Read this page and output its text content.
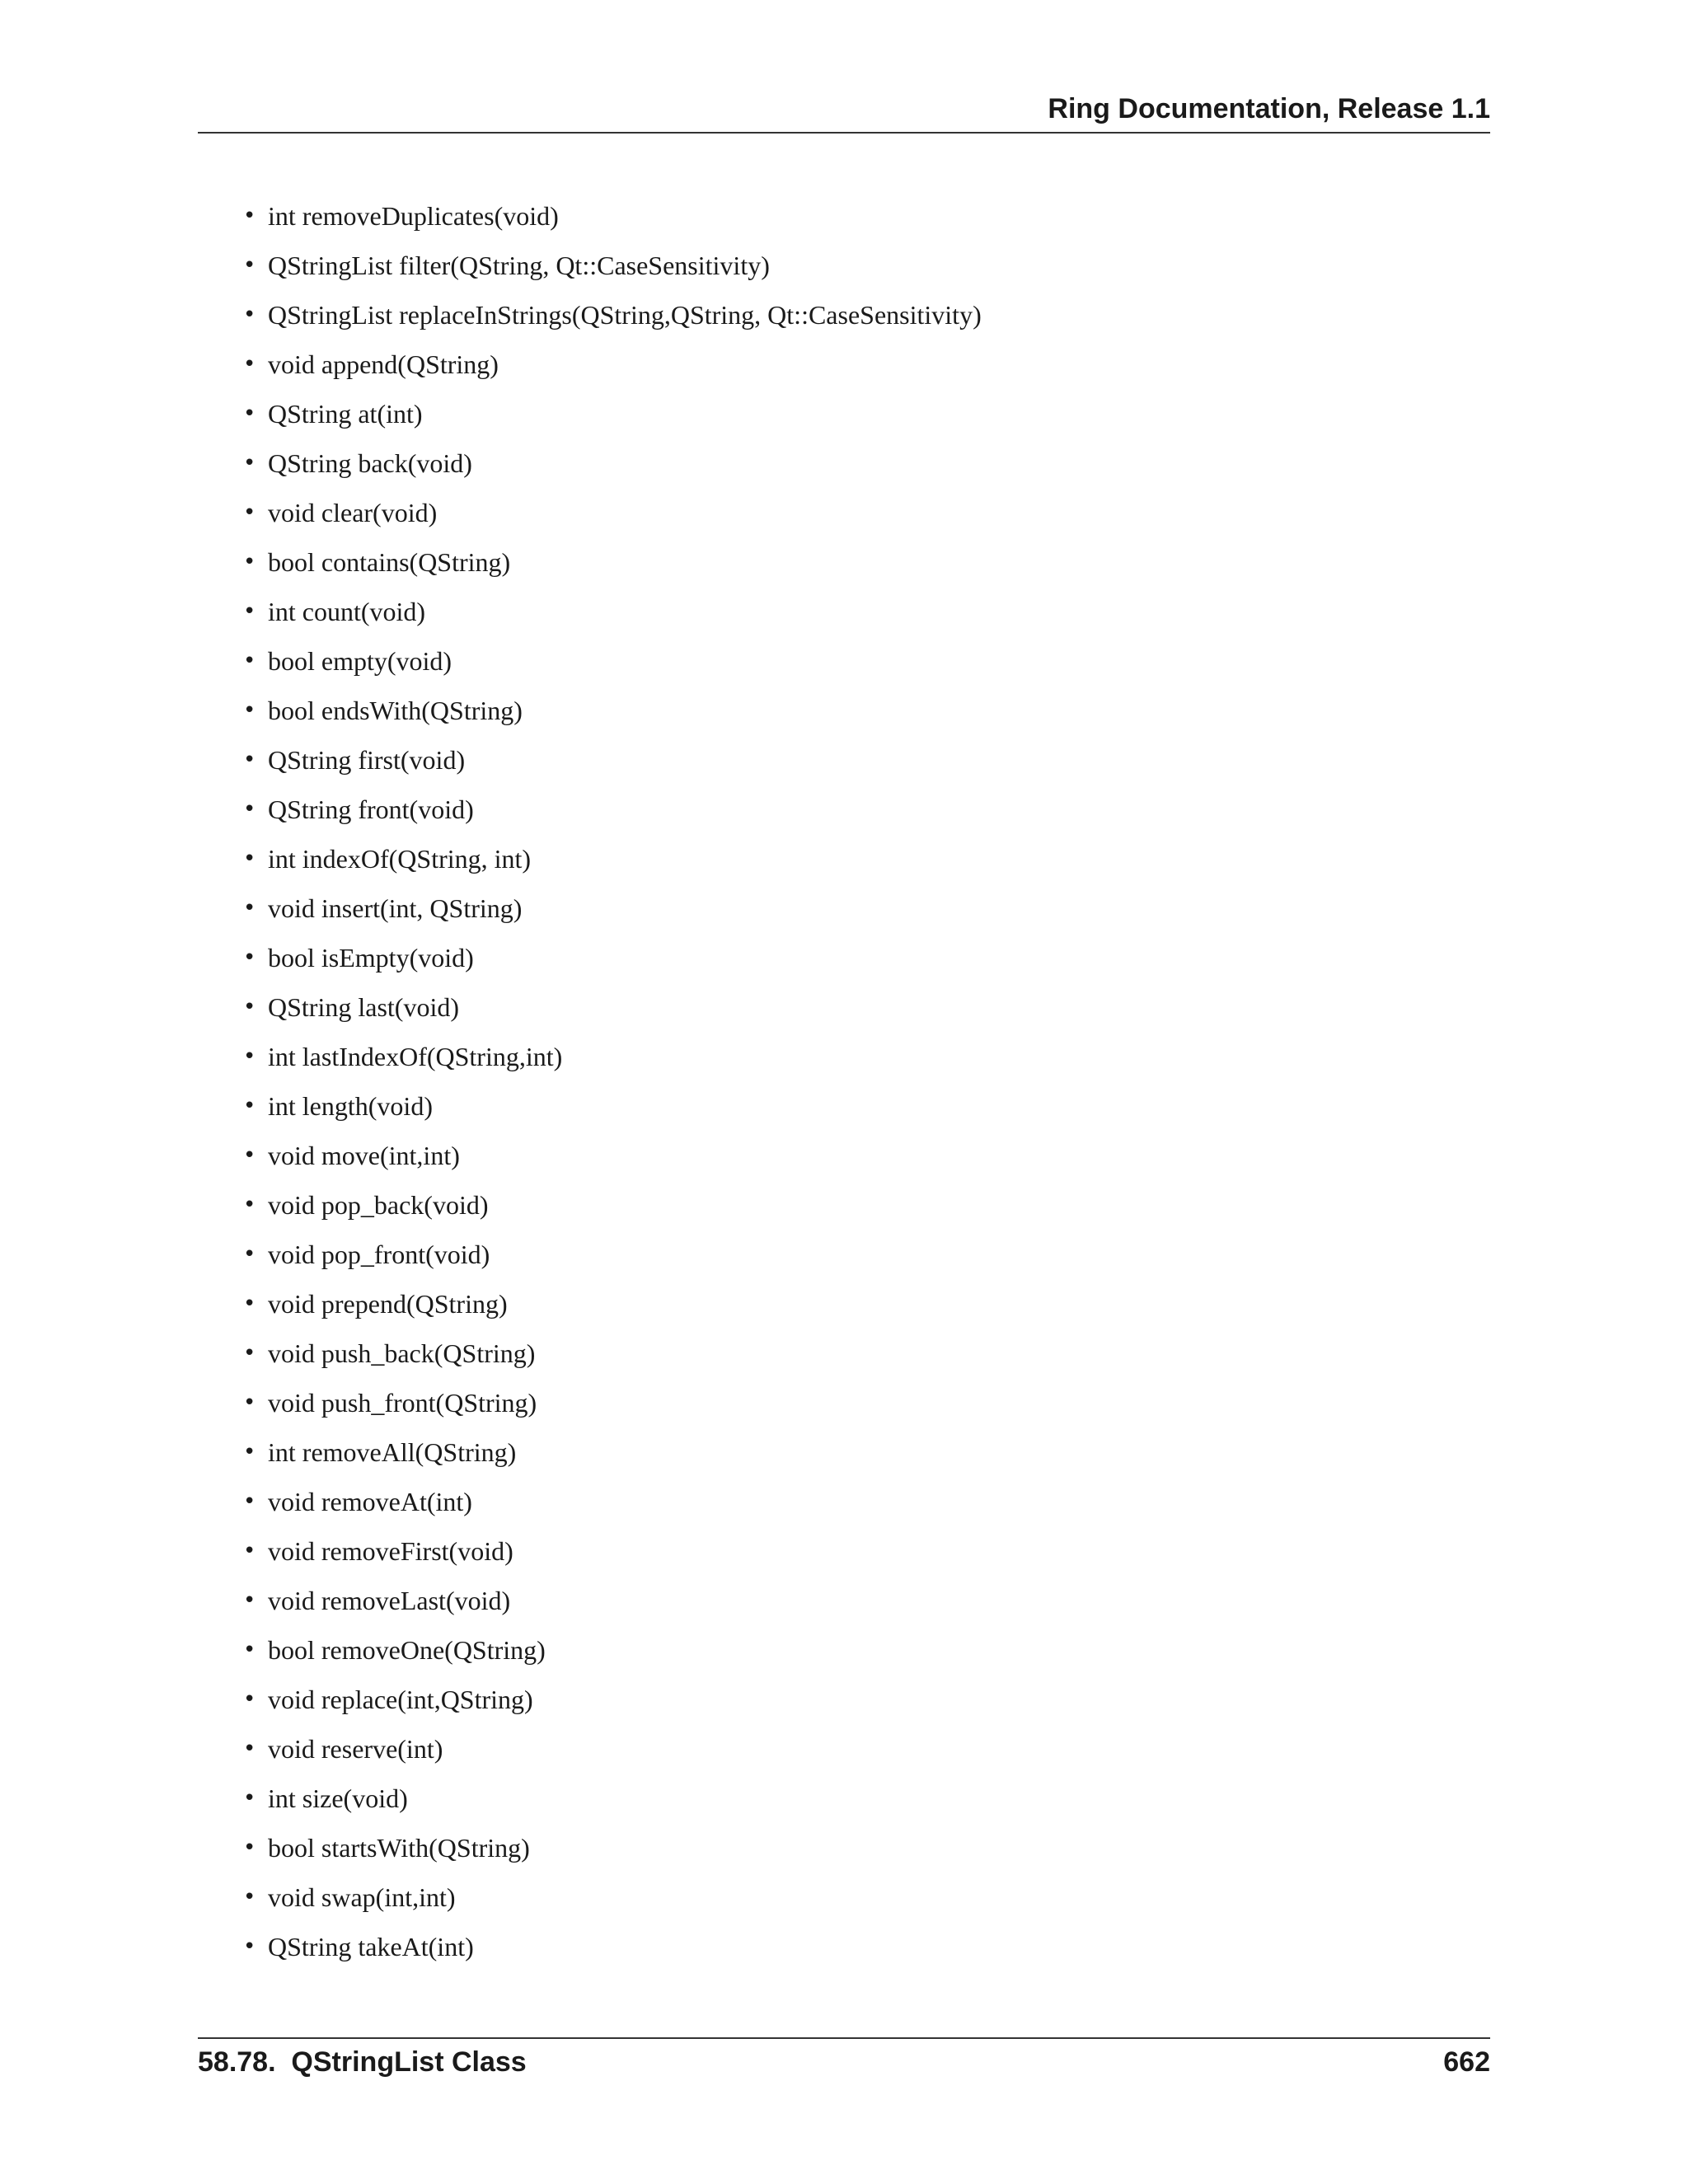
Ring Documentation, Release 1.1
• int removeDuplicates(void)
• QStringList filter(QString, Qt::CaseSensitivity)
• QStringList replaceInStrings(QString,QString, Qt::CaseSensitivity)
• void append(QString)
• QString at(int)
• QString back(void)
• void clear(void)
• bool contains(QString)
• int count(void)
• bool empty(void)
• bool endsWith(QString)
• QString first(void)
• QString front(void)
• int indexOf(QString, int)
• void insert(int, QString)
• bool isEmpty(void)
• QString last(void)
• int lastIndexOf(QString,int)
• int length(void)
• void move(int,int)
• void pop_back(void)
• void pop_front(void)
• void prepend(QString)
• void push_back(QString)
• void push_front(QString)
• int removeAll(QString)
• void removeAt(int)
• void removeFirst(void)
• void removeLast(void)
• bool removeOne(QString)
• void replace(int,QString)
• void reserve(int)
• int size(void)
• bool startsWith(QString)
• void swap(int,int)
• QString takeAt(int)
58.78.  QStringList Class	662
